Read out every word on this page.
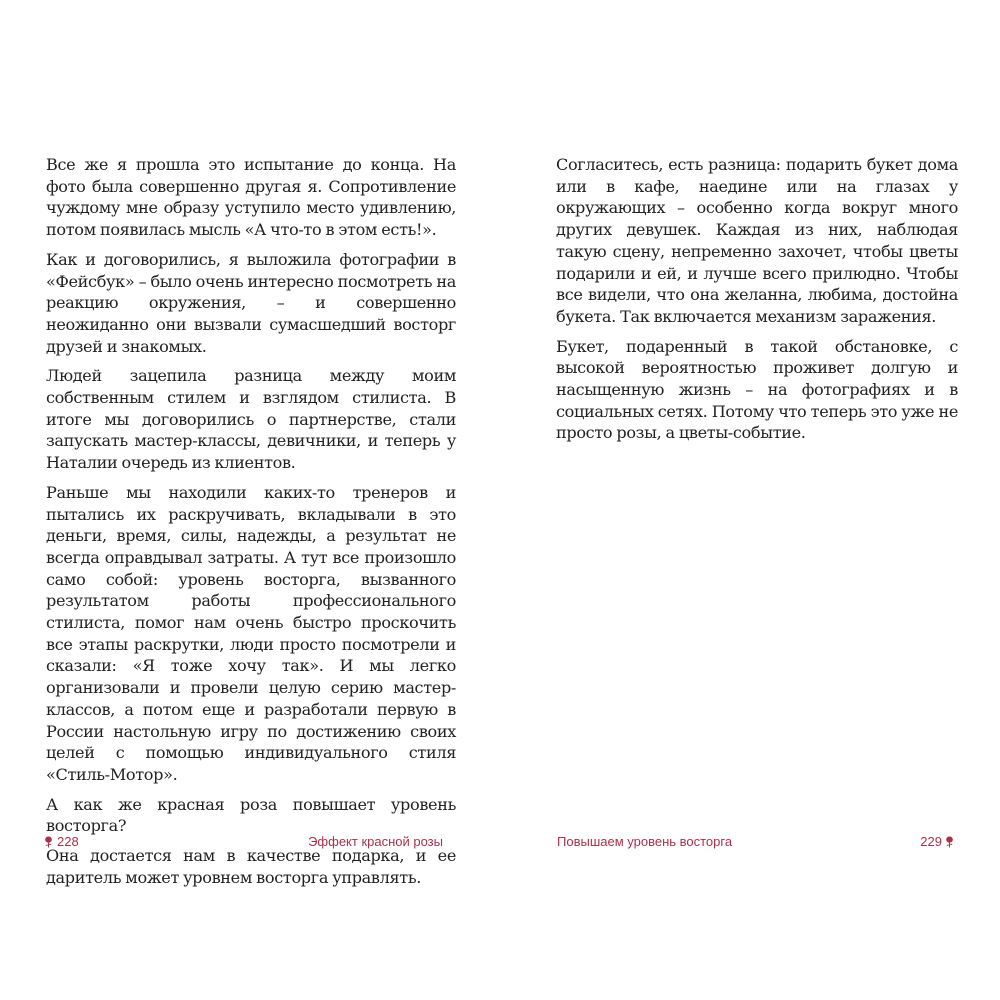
Все же я прошла это испытание до конца. На фото была совершенно другая я. Сопротивление чуждому мне образу уступило место удивлению, потом появилась мысль «А что-то в этом есть!».

Как и договорились, я выложила фотографии в «Фейсбук» – было очень интересно посмотреть на реакцию окружения, – и совершенно неожиданно они вызвали сумасшедший восторг друзей и знакомых.

Людей зацепила разница между моим собственным стилем и взглядом стилиста. В итоге мы договорились о партнерстве, стали запускать мастер-классы, девичники, и теперь у Наталии очередь из клиентов.

Раньше мы находили каких-то тренеров и пытались их раскручивать, вкладывали в это деньги, время, силы, надежды, а результат не всегда оправдывал затраты. А тут все произошло само собой: уровень восторга, вызванного результатом работы профессионального стилиста, помог нам очень быстро проскочить все этапы раскрутки, люди просто посмотрели и сказали: «Я тоже хочу так». И мы легко организовали и провели целую серию мастер-классов, а потом еще и разработали первую в России настольную игру по достижению своих целей с помощью индивидуального стиля «Стиль-Мотор».

А как же красная роза повышает уровень восторга?

Она достается нам в качестве подарка, и ее даритель может уровнем восторга управлять.

Согласитесь, есть разница: подарить букет дома или в кафе, наедине или на глазах у окружающих – особенно когда вокруг много других девушек. Каждая из них, наблюдая такую сцену, непременно захочет, чтобы цветы подарили и ей, и лучше всего прилюдно. Чтобы все видели, что она желанна, любима, достойна букета. Так включается механизм заражения.

Букет, подаренный в такой обстановке, с высокой вероятностью проживет долгую и насыщенную жизнь – на фотографиях и в социальных сетях. Потому что теперь это уже не просто розы, а цветы-событие.

228	Эффект красной розы	Повышаем уровень восторга	229
